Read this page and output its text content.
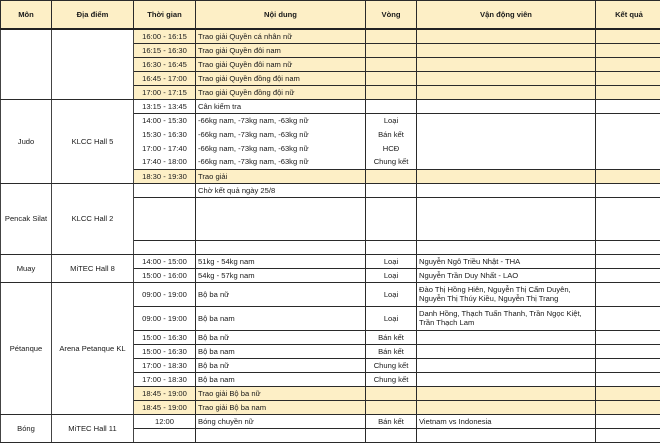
Môn	Địa điểm	Thời gian	Nội dung	Vòng	Vận động viên	Kết quả
		16:00 - 16:15	Trao giải Quyền cá nhân nữ			
		16:15 - 16:30	Trao giải Quyền đôi nam			
		16:30 - 16:45	Trao giải Quyền đôi nam nữ			
		16:45 - 17:00	Trao giải Quyền đồng đội nam			
		17:00 - 17:15	Trao giải Quyền đồng đội nữ			
Judo	KLCC Hall 5	13:15 - 13:45	Cân kiểm tra			
		14:00 - 15:30	-66kg nam, -73kg nam, -63kg nữ	Loại		
		15:30 - 16:30	-66kg nam, -73kg nam, -63kg nữ	Bán kết		
		17:00 - 17:40	-66kg nam, -73kg nam, -63kg nữ	HCĐ		
		17:40 - 18:00	-66kg nam, -73kg nam, -63kg nữ	Chung kết		
		18:30 - 19:30	Trao giải			
Pencak Silat	KLCC Hall 2		Chờ kết quả ngày 25/8			

Muay	MiTEC Hall 8	14:00 - 15:00	51kg - 54kg nam	Loại	Nguyễn Ngô Triều Nhật - THA	
		15:00 - 16:00	54kg - 57kg nam	Loại	Nguyễn Trần Duy Nhất - LAO	
Pétanque	Arena Petanque KL	09:00 - 19:00	Bộ ba nữ	Loại	Đào Thị Hồng Hiên, Nguyễn Thị Cẩm Duyên, Nguyễn Thị Thúy Kiều, Nguyễn Thị Trang	
		09:00 - 19:00	Bộ ba nam	Loại	Danh Hồng, Thạch Tuấn Thanh, Trần Ngọc Kiệt, Trần Thạch Lam	
		15:00 - 16:30	Bộ ba nữ	Bán kết		
		15:00 - 16:30	Bộ ba nam	Bán kết		
		17:00 - 18:30	Bộ ba nữ	Chung kết		
		17:00 - 18:30	Bộ ba nam	Chung kết		
		18:45 - 19:00	Trao giải Bộ ba nữ			
		18:45 - 19:00	Trao giải Bộ ba nam			
Bóng	MiTEC Hall 11	12:00	Bóng chuyền nữ	Bán kết	Vietnam vs Indonesia	
